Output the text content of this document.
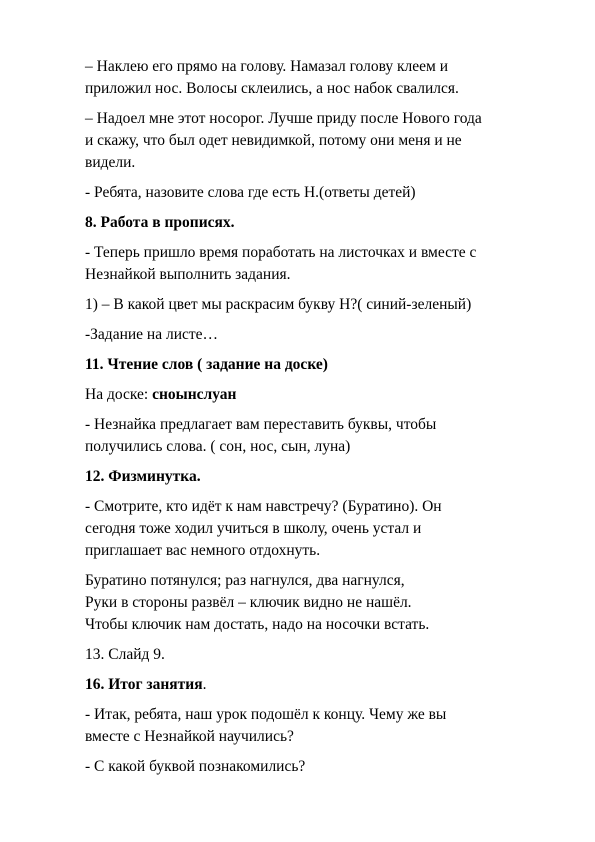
– Наклею его прямо на голову. Намазал голову клеем и
приложил нос. Волосы склеились, а нос набок свалился.

– Надоел мне этот носорог. Лучше приду после Нового года
и скажу, что был одет невидимкой, потому они меня и не
видели.

- Ребята, назовите слова где есть Н.(ответы детей)

8. Работа в прописях.

- Теперь пришло время поработать на листочках и вместе с
Незнайкой выполнить задания.

1) – В какой цвет мы раскрасим букву Н?( синий-зеленый)

-Задание на листе…

11. Чтение слов ( задание на доске)

На доске: сноынслуан

- Незнайка предлагает вам переставить буквы, чтобы
получились слова. ( сон, нос, сын, луна)

12. Физминутка.

- Смотрите, кто идёт к нам навстречу? (Буратино). Он
сегодня тоже ходил учиться в школу, очень устал и
приглашает вас немного отдохнуть.

Буратино потянулся; раз нагнулся, два нагнулся,
Руки в стороны развёл – ключик видно не нашёл.
Чтобы ключик нам достать, надо на носочки встать.

13. Слайд 9.

16. Итог занятия.

- Итак, ребята, наш урок подошёл к концу. Чему же вы
вместе с Незнайкой научились?

- С какой буквой познакомились?
